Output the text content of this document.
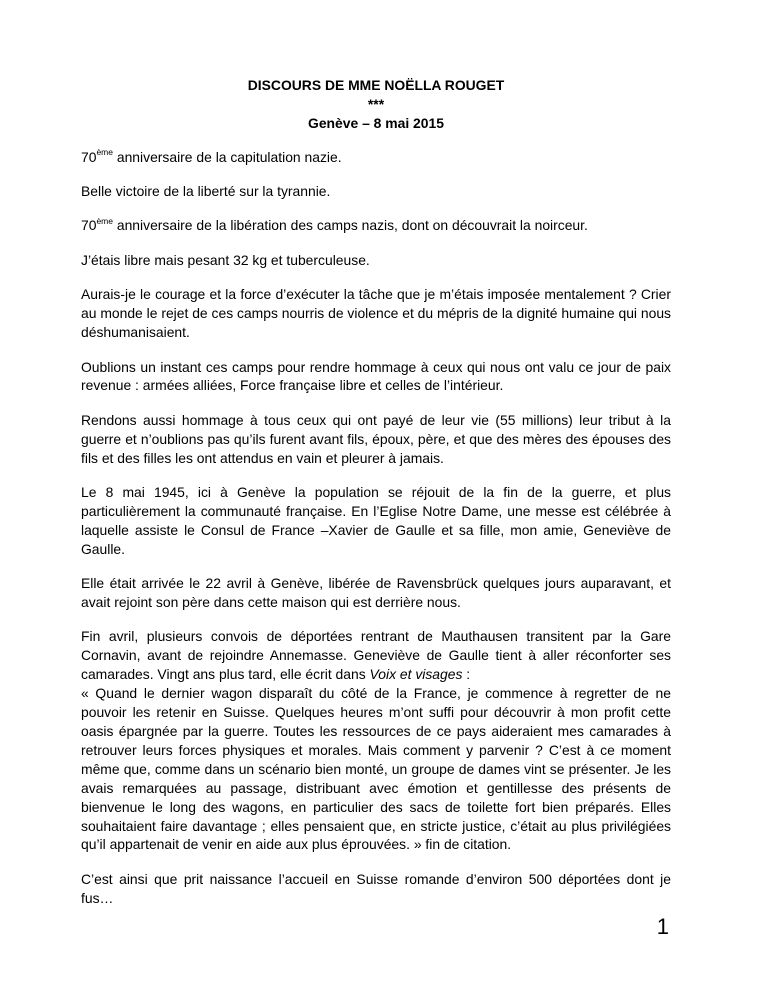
DISCOURS DE MME NOËLLA ROUGET
***
Genève – 8 mai 2015

70ème anniversaire de la capitulation nazie.

Belle victoire de la liberté sur la tyrannie.

70ème anniversaire de la libération des camps nazis, dont on découvrait la noirceur.

J’étais libre mais pesant 32 kg et tuberculeuse.

Aurais-je le courage et la force d’exécuter la tâche que je m’étais imposée mentalement ? Crier au monde le rejet de ces camps nourris de violence et du mépris de la dignité humaine qui nous déshumanisaient.

Oublions un instant ces camps pour rendre hommage à ceux qui nous ont valu ce jour de paix revenue : armées alliées, Force française libre et celles de l’intérieur.

Rendons aussi hommage à tous ceux qui ont payé de leur vie (55 millions) leur tribut à la guerre et n’oublions pas qu’ils furent avant fils, époux, père, et que des mères des épouses des fils et des filles les ont attendus en vain et pleurer à jamais.

Le 8 mai 1945, ici à Genève la population se réjouit de la fin de la guerre, et plus particulièrement la communauté française. En l’Eglise Notre Dame, une messe est célébrée à laquelle assiste le Consul de France –Xavier de Gaulle et sa fille, mon amie, Geneviève de Gaulle.

Elle était arrivée le 22 avril à Genève, libérée de Ravensbrück quelques jours auparavant, et avait rejoint son père dans cette maison qui est derrière nous.

Fin avril, plusieurs convois de déportées rentrant de Mauthausen transitent par la Gare Cornavin, avant de rejoindre Annemasse. Geneviève de Gaulle tient à aller réconforter ses camarades. Vingt ans plus tard, elle écrit dans Voix et visages :
« Quand le dernier wagon disparaît du côté de la France, je commence à regretter de ne pouvoir les retenir en Suisse. Quelques heures m’ont suffi pour découvrir à mon profit cette oasis épargnée par la guerre. Toutes les ressources de ce pays aideraient mes camarades à retrouver leurs forces physiques et morales. Mais comment y parvenir ? C’est à ce moment même que, comme dans un scénario bien monté, un groupe de dames vint se présenter. Je les avais remarquées au passage, distribuant avec émotion et gentillesse des présents de bienvenue le long des wagons, en particulier des sacs de toilette fort bien préparés. Elles souhaitaient faire davantage ; elles pensaient que, en stricte justice, c’était au plus privilégiées qu’il appartenait de venir en aide aux plus éprouvées. » fin de citation.

C’est ainsi que prit naissance l’accueil en Suisse romande d’environ 500 déportées dont je fus…

1
